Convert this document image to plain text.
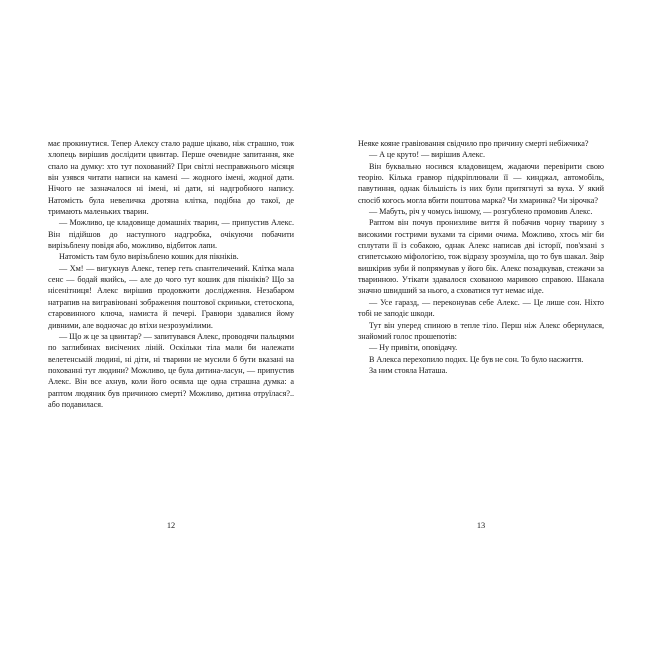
має прокинутися. Тепер Алексу стало радше цікаво, ніж страшно, тож хлопець вирішив дослідити цвинтар. Перше очевидне запитання, яке спало на думку: хто тут похований? При світлі несправжнього місяця він узявся читати написи на камені — жодного імені, жодної дати. Нічого не зазначалося ні імені, ні дати, ні надгробного напису. Натомість була невеличка дротяна клітка, подібна до такої, де тримають маленьких тварин.

— Можливо, це кладовище домашніх тварин, — припустив Алекс. Він підійшов до наступного надгробка, очікуючи побачити вирізьблену повідя або, можливо, відбиток лапи.

Натомість там було вирізьблено кошик для пікніків.

— Хм! — вигукнув Алекс, тепер геть спантеличений. Клітка мала сенс — бодай якийсь, — але до чого тут кошик для пікніків? Що за нісенітниця! Алекс вирішив продовжити дослідження. Незабаром натрапив на вигравіювані зображення поштової скриньки, стетоскопа, старовинного ключа, намиста й печерi. Гравюри здавалися йому дивними, але водночас до втіхи незрозумілими.

— Що ж це за цвинтар? — запитувався Алекс, проводячи пальцями по заглибинах висічених ліній. Оскільки тіла мали би належати велетенській людині, ні діти, ні тварини не мусили б бути вказані на похованні тут людини? Можливо, це була дитина-ласун, — припустив Алекс. Він все ахнув, коли його осявла ще одна страшна думка: а раптом людяник був причиною смерті? Можливо, дитина отруїлася?.. або подавилася.

12

Неяке кояне гравіювання свідчило про причину смерті небіжчика?

— А це круто! — вирішив Алекс.

Він буквально носився кладовищем, жадаючи перевірити свою теорію. Кілька гравюр підкріплювали її — кинджал, автомобіль, павутиння, однак більшість із них були притягнуті за вуха. У який спосіб когось могла вбити поштова марка? Чи хмаринка? Чи зірочка?

— Мабуть, річ у чомусь іншому, — розгублено промовив Алекс.

Раптом він почув пронизливе виття й побачив чорну тварину з високими гострими вухами та сірими очима. Можливо, хтось міг би сплутати її із собакою, однак Алекс написав дві історії, пов'язані з єгипетською міфологією, тож відразу зрозуміла, що то був шакал. Звір вишкірив зуби й попрямував у його бік. Алекс позадкував, стежачи за тваринною. Утікати здавалося схованою маривою справою. Шакала значно швидший за нього, а сховатися тут немає ніде.

— Усе гаразд, — переконував себе Алекс. — Це лише сон. Ніхто тобі не заподіє шкоди.

Тут він уперед спиною в тепле тіло. Перш ніж Алекс обернулася, знайомий голос прошепотів:

— Ну привіти, оповідачу.

В Алекса перехопило подих. Це був не сон. То було насжиття.

За ним стояла Наташа.

13
